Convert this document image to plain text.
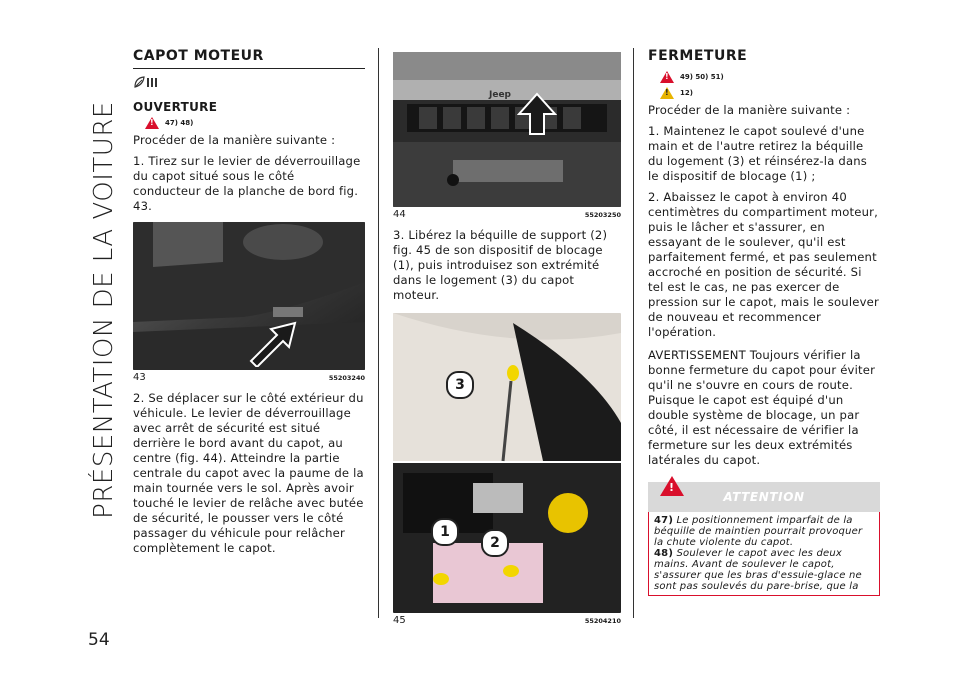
PRÉSENTATION DE LA VOITURE
54
CAPOT MOTEUR
OUVERTURE
!
47) 48)

Procéder de la manière suivante :

1. Tirez sur le levier de déverrouillage du capot situé sous le côté conducteur de la planche de bord fig. 43.

43	55203240

2. Se déplacer sur le côté extérieur du véhicule. Le levier de déverrouillage avec arrêt de sécurité est situé derrière le bord avant du capot, au centre (fig. 44). Atteindre la partie centrale du capot avec la paume de la main tournée vers le sol. Après avoir touché le levier de relâche avec butée de sécurité, le pousser vers le côté passager du véhicule pour relâcher complètement le capot.

Jeep
44	55203250

3. Libérez la béquille de support (2) fig. 45 de son dispositif de blocage (1), puis introduisez son extrémité dans le logement (3) du capot moteur.

3
1
2
45	55204210
FERMETURE
!
49) 50) 51)
!
12)

Procéder de la manière suivante :

1. Maintenez le capot soulevé d'une main et de l'autre retirez la béquille du logement (3) et réinsérez-la dans le dispositif de blocage (1) ;

2. Abaissez le capot à environ 40 centimètres du compartiment moteur, puis le lâcher et s'assurer, en essayant de le soulever, qu'il est parfaitement fermé, et pas seulement accroché en position de sécurité. Si tel est le cas, ne pas exercer de pression sur le capot, mais le soulever de nouveau et recommencer l'opération.

AVERTISSEMENT Toujours vérifier la bonne fermeture du capot pour éviter qu'il ne s'ouvre en cours de route. Puisque le capot est équipé d'un double système de blocage, un par côté, il est nécessaire de vérifier la fermeture sur les deux extrémités latérales du capot.

!
ATTENTION

47) Le positionnement imparfait de la béquille de maintien pourrait provoquer la chute violente du capot.

48) Soulever le capot avec les deux mains. Avant de soulever le capot, s'assurer que les bras d'essuie-glace ne sont pas soulevés du pare-brise, que la
